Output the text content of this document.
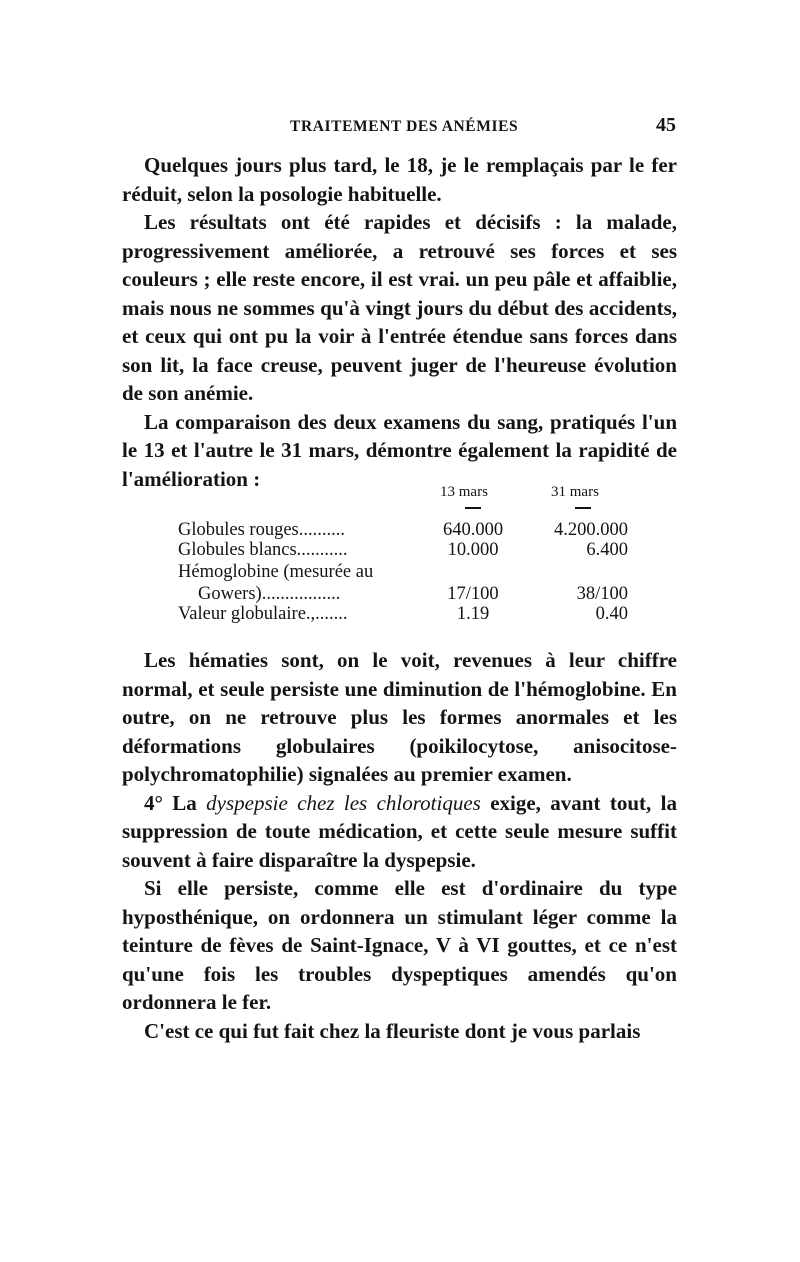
TRAITEMENT DES ANÉMIES	45

Quelques jours plus tard, le 18, je le remplaçais par le fer réduit, selon la posologie habituelle.

Les résultats ont été rapides et décisifs : la malade, progressivement améliorée, a retrouvé ses forces et ses couleurs ; elle reste encore, il est vrai. un peu pâle et affaiblie, mais nous ne sommes qu'à vingt jours du début des accidents, et ceux qui ont pu la voir à l'entrée étendue sans forces dans son lit, la face creuse, peuvent juger de l'heureuse évolution de son anémie.

La comparaison des deux examens du sang, pratiqués l'un le 13 et l'autre le 31 mars, démontre également la rapidité de l'amélioration :

13 mars	31 mars
Globules rouges..........	640.000	4.200.000
Globules blancs...........	10.000	6.400
Hémoglobine (mesurée au
Gowers).................	17/100	38/100
Valeur globulaire.,.......	1.19	0.40

Les hématies sont, on le voit, revenues à leur chiffre normal, et seule persiste une diminution de l'hémoglobine. En outre, on ne retrouve plus les formes anormales et les déformations globulaires (poikilocytose, anisocitose-polychromatophilie) signalées au premier examen.

4° La dyspepsie chez les chlorotiques exige, avant tout, la suppression de toute médication, et cette seule mesure suffit souvent à faire disparaître la dyspepsie.

Si elle persiste, comme elle est d'ordinaire du type hyposthénique, on ordonnera un stimulant léger comme la teinture de fèves de Saint-Ignace, V à VI gouttes, et ce n'est qu'une fois les troubles dyspeptiques amendés qu'on ordonnera le fer.

C'est ce qui fut fait chez la fleuriste dont je vous parlais
